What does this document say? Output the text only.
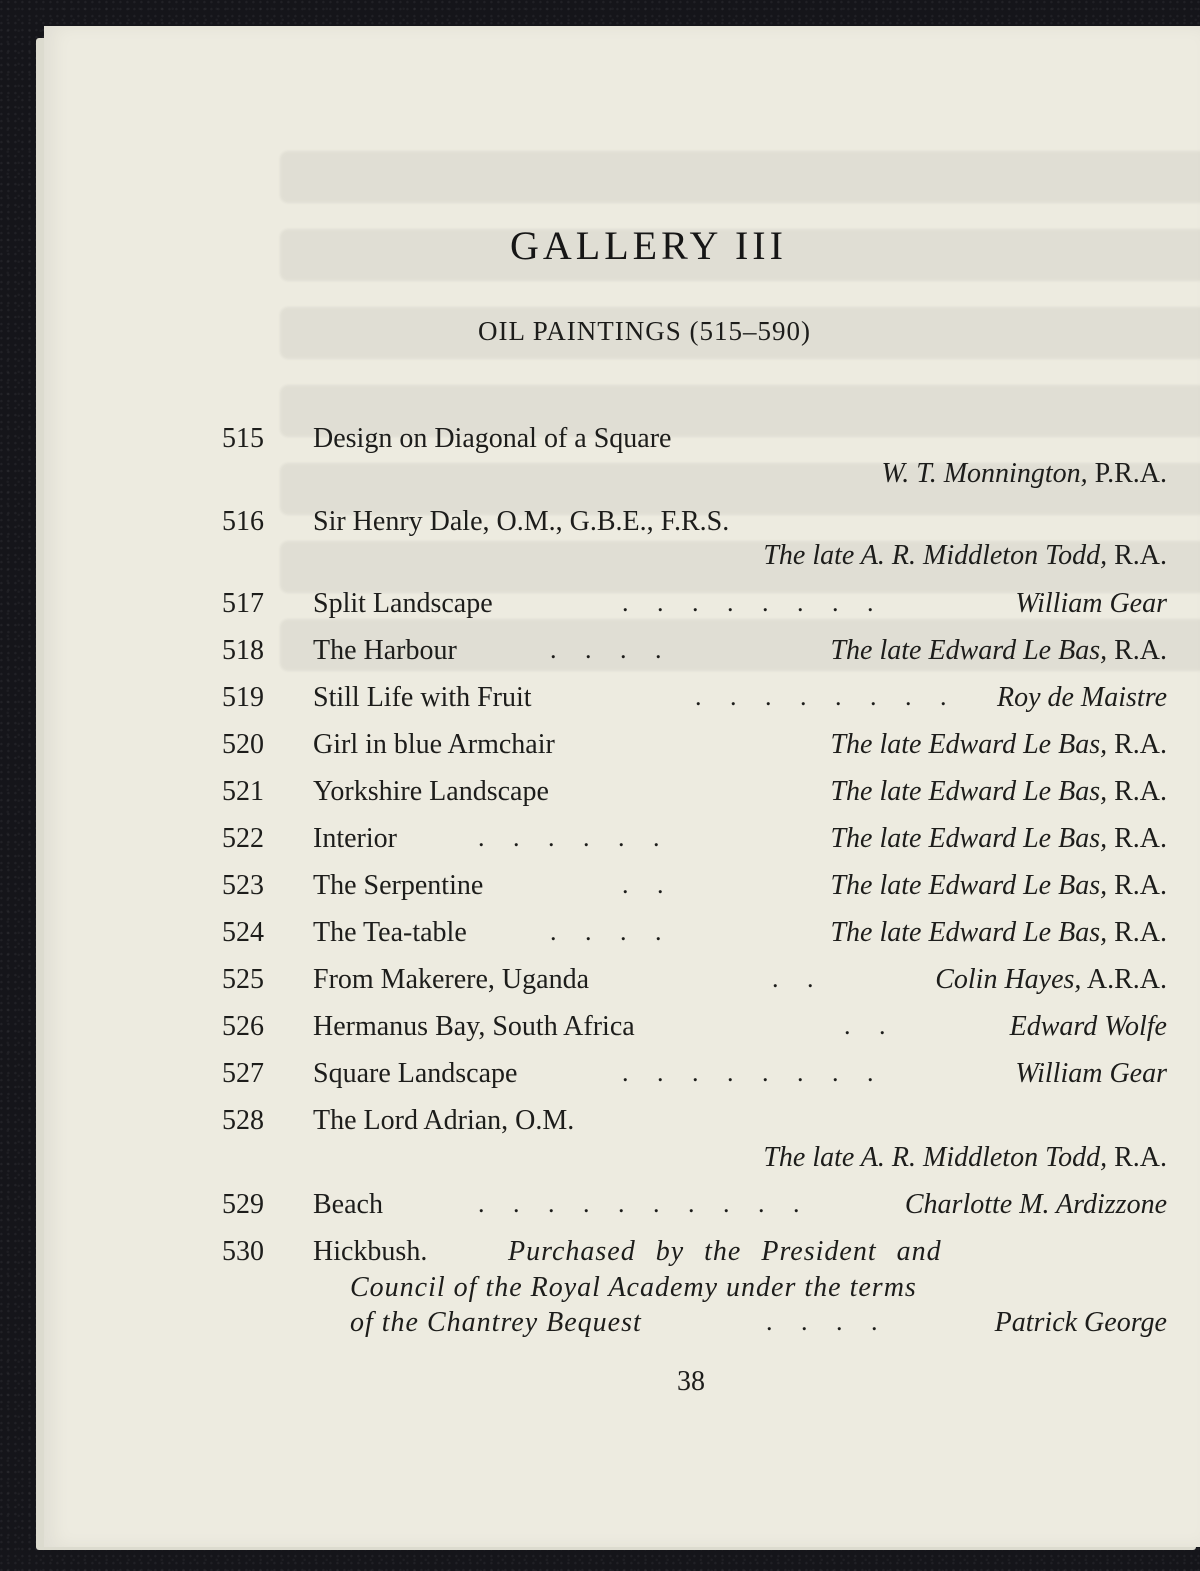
GALLERY III
OIL PAINTINGS (515–590)
515 Design on Diagonal of a Square
W. T. Monnington, P.R.A.
516 Sir Henry Dale, O.M., G.B.E., F.R.S.
The late A. R. Middleton Todd, R.A.
517 Split Landscape	. . . . . . . .	William Gear
518 The Harbour	. . . .	The late Edward Le Bas, R.A.
519 Still Life with Fruit	. . . . . . . . Roy de Maistre
520 Girl in blue Armchair	The late Edward Le Bas, R.A.
521 Yorkshire Landscape	The late Edward Le Bas, R.A.
522 Interior	. . . . . .	The late Edward Le Bas, R.A.
523 The Serpentine	. .	The late Edward Le Bas, R.A.
524 The Tea-table	. . . .	The late Edward Le Bas, R.A.
525 From Makerere, Uganda	. .	Colin Hayes, A.R.A.
526 Hermanus Bay, South Africa	. .	Edward Wolfe
527 Square Landscape	. . . . . . . .	William Gear
528 The Lord Adrian, O.M.
The late A. R. Middleton Todd, R.A.
529 Beach	. . . . . . . . . .	Charlotte M. Ardizzone
530 Hickbush.	Purchased by the President and
Council of the Royal Academy under the terms
of the Chantrey Bequest	. . . .	Patrick George
38
